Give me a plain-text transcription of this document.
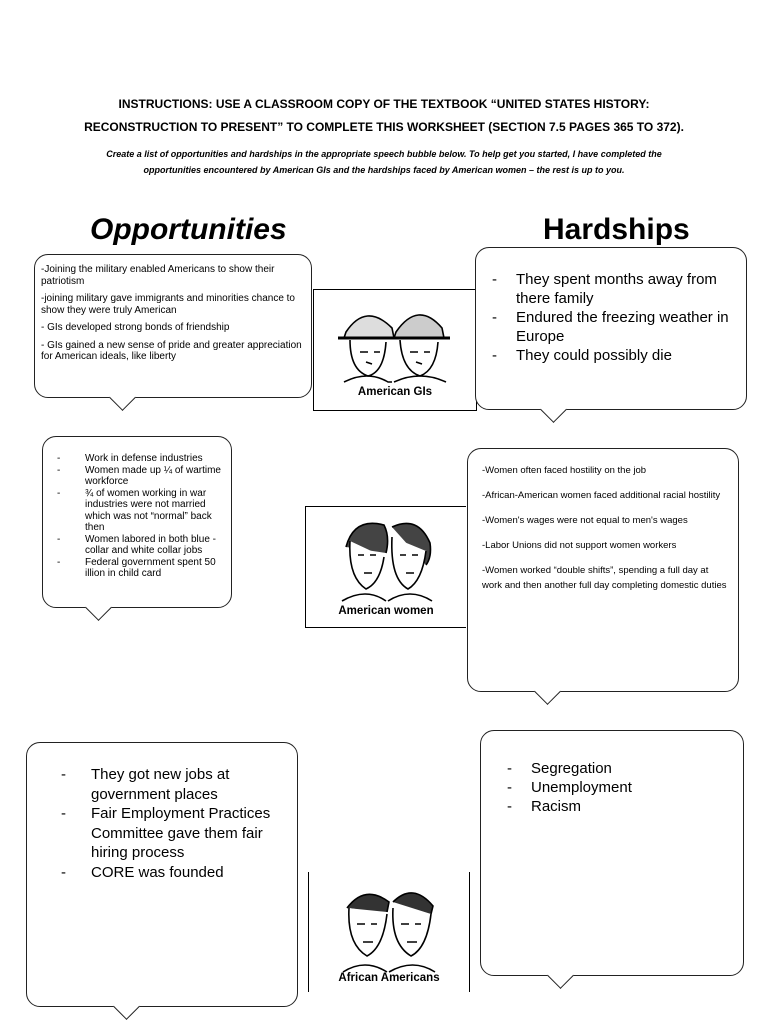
INSTRUCTIONS: USE A CLASSROOM COPY OF THE TEXTBOOK “UNITED STATES HISTORY:
RECONSTRUCTION TO PRESENT” TO COMPLETE THIS WORKSHEET (SECTION 7.5 PAGES 365 TO 372).
Create a list of opportunities and hardships in the appropriate speech bubble below. To help get you started, I have completed the opportunities encountered by American GIs and the hardships faced by American women – the rest is up to you.
Opportunities	Hardships
-Joining the military enabled Americans to show their patriotism
-joining military gave immigrants and minorities chance to show they were truly American
- GIs developed strong bonds of friendship
- GIs gained a new sense of pride and greater appreciation for American ideals, like liberty
American GIs
- They spent months away from there family
- Endured the freezing weather in Europe
- They could possibly die
- Work in defense industries
- Women made up ¼ of wartime workforce
- ¾ of women working in war industries were not married which was not “normal” back then
- Women labored in both blue - collar and white collar jobs
- Federal government spent 50 illion in child card
American women
-Women often faced hostility on the job
-African-American women faced additional racial hostility
-Women's wages were not equal to men's wages
-Labor Unions did not support women workers
-Women worked “double shifts”, spending a full day at work and then another full day completing domestic duties
- They got new jobs at government places
- Fair Employment Practices Committee gave them fair hiring process
- CORE was founded
African Americans
- Segregation
- Unemployment
- Racism
